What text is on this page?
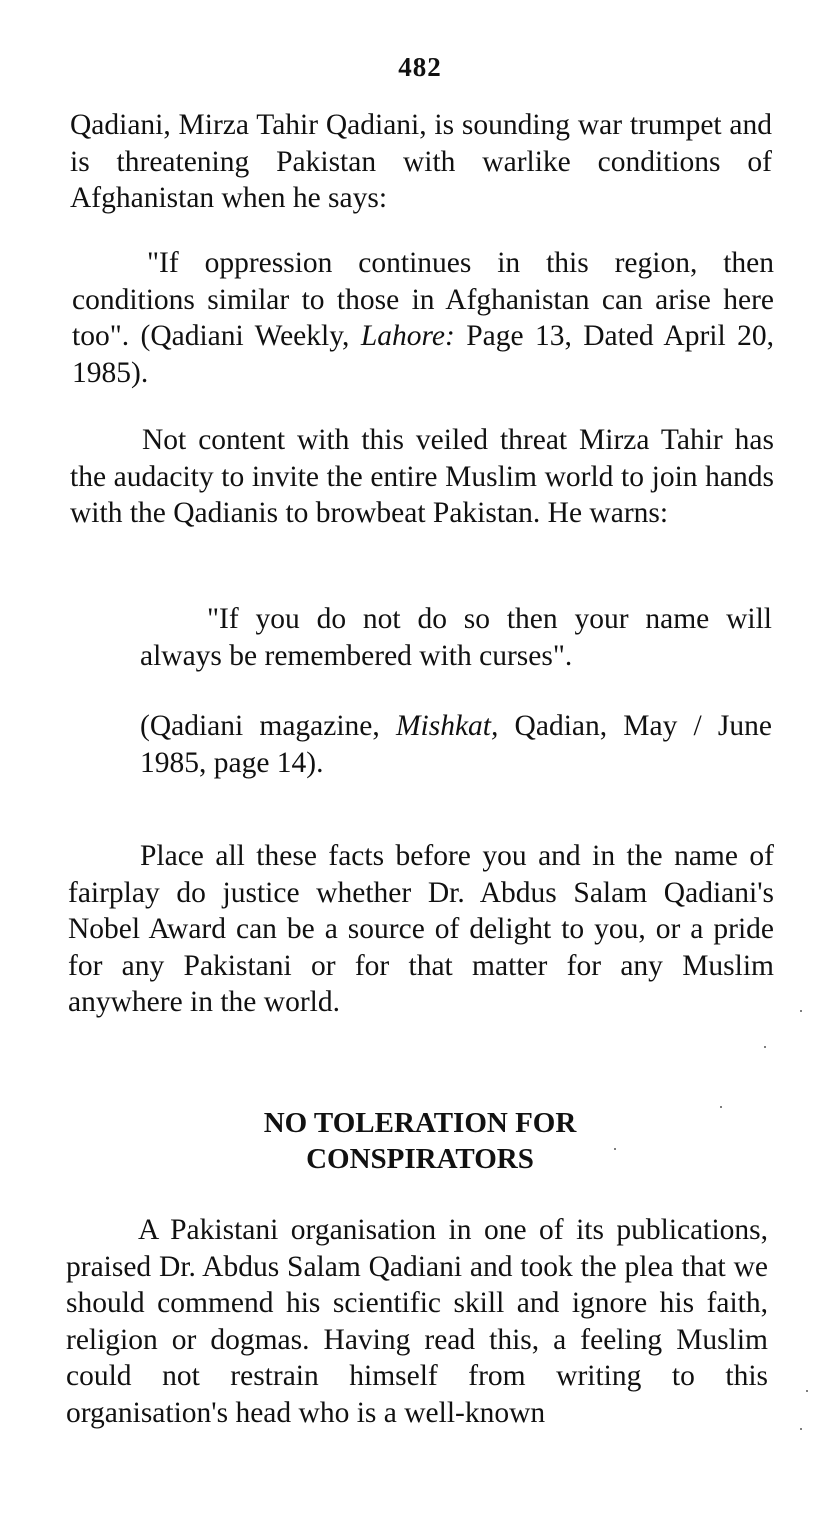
482

Qadiani, Mirza Tahir Qadiani, is sounding war trumpet and is threatening Pakistan with warlike conditions of Afghanistan when he says:

"If oppression continues in this region, then conditions similar to those in Afghanistan can arise here too". (Qadiani Weekly, Lahore: Page 13, Dated April 20, 1985).

Not content with this veiled threat Mirza Tahir has the audacity to invite the entire Muslim world to join hands with the Qadianis to browbeat Pakistan. He warns:

"If you do not do so then your name will always be remembered with curses".

(Qadiani magazine, Mishkat, Qadian, May / June 1985, page 14).

Place all these facts before you and in the name of fairplay do justice whether Dr. Abdus Salam Qadiani's Nobel Award can be a source of delight to you, or a pride for any Pakistani or for that matter for any Muslim anywhere in the world.

NO TOLERATION FOR
CONSPIRATORS

A Pakistani organisation in one of its publications, praised Dr. Abdus Salam Qadiani and took the plea that we should commend his scientific skill and ignore his faith, religion or dogmas. Having read this, a feeling Muslim could not restrain himself from writing to this organisation's head who is a well-known
